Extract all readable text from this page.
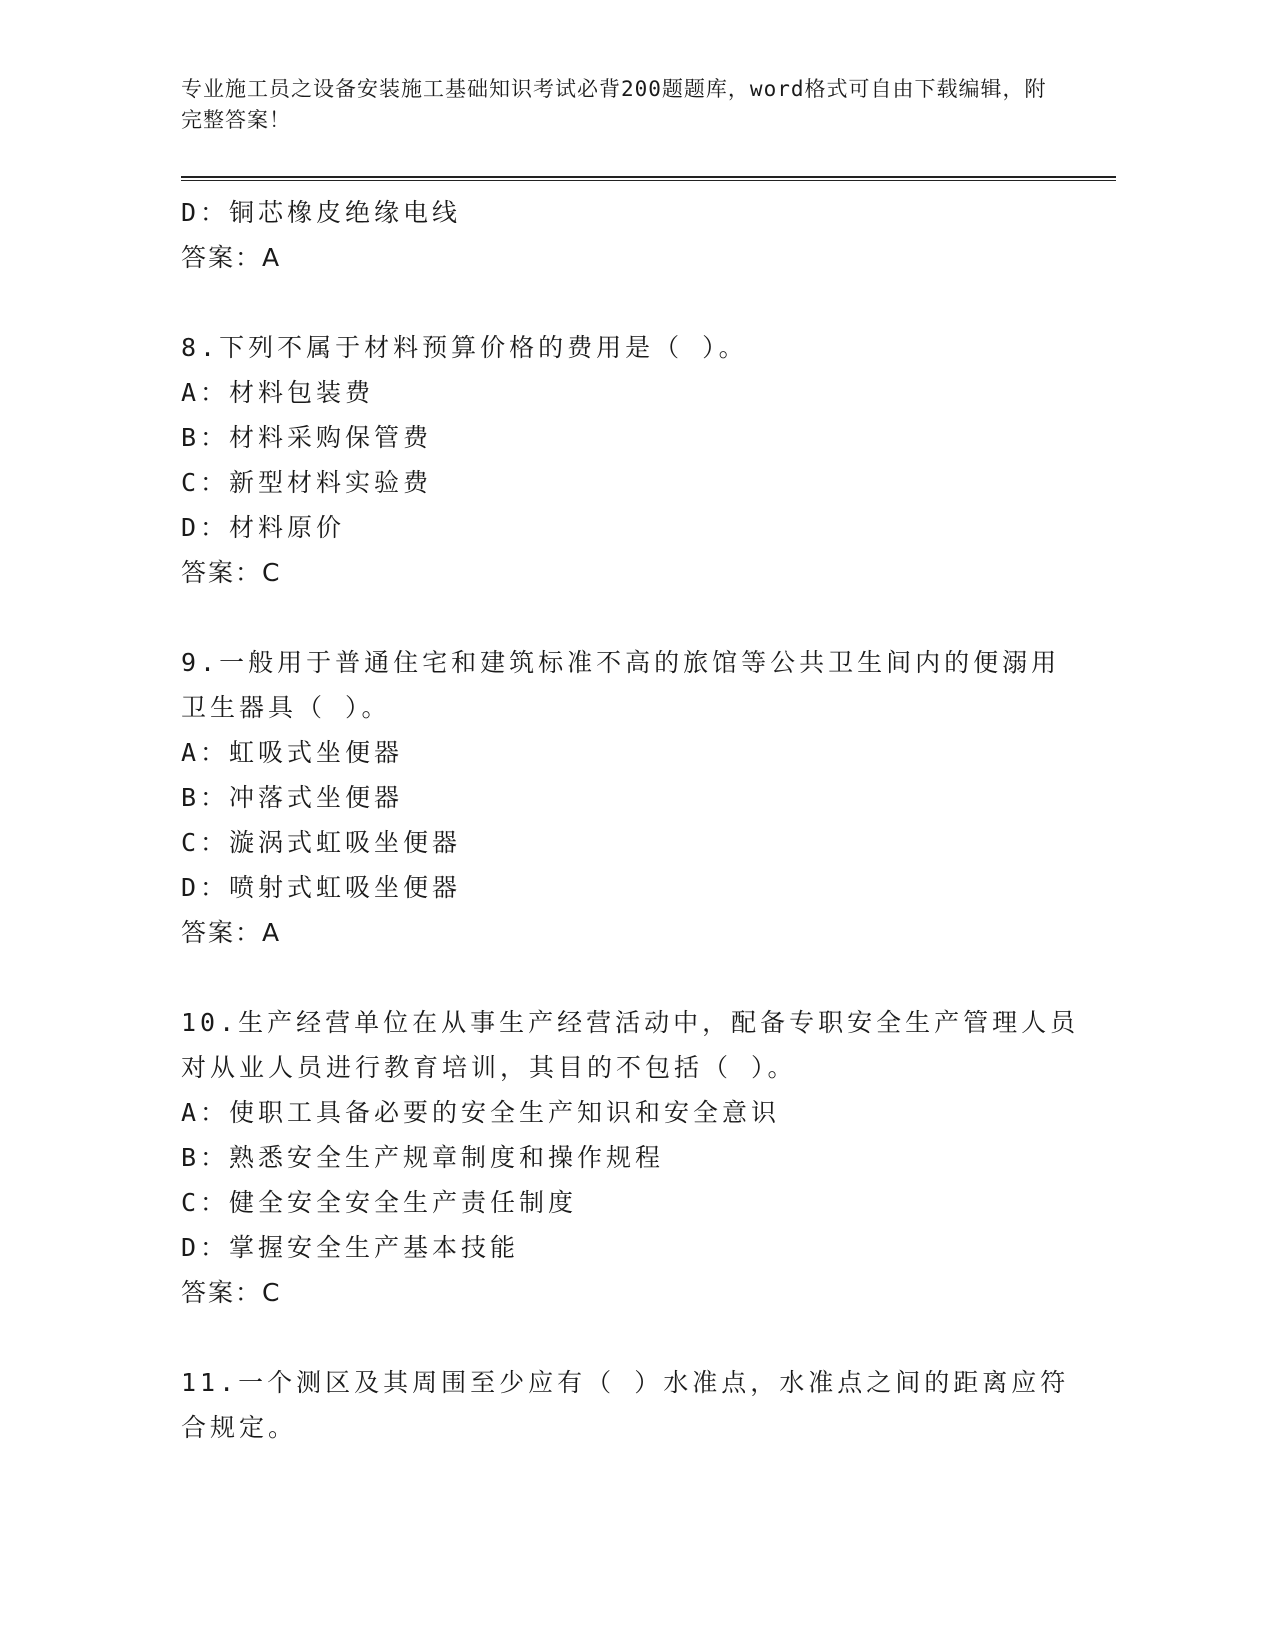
专业施工员之设备安装施工基础知识考试必背200题题库，word格式可自由下载编辑，附完整答案！
D：铜芯橡皮绝缘电线
答案：A
8.下列不属于材料预算价格的费用是（ ）。
A：材料包装费
B：材料采购保管费
C：新型材料实验费
D：材料原价
答案：C
9.一般用于普通住宅和建筑标准不高的旅馆等公共卫生间内的便溺用
卫生器具（ ）。
A：虹吸式坐便器
B：冲落式坐便器
C：漩涡式虹吸坐便器
D：喷射式虹吸坐便器
答案：A
10.生产经营单位在从事生产经营活动中，配备专职安全生产管理人员
对从业人员进行教育培训，其目的不包括（ ）。
A：使职工具备必要的安全生产知识和安全意识
B：熟悉安全生产规章制度和操作规程
C：健全安全安全生产责任制度
D：掌握安全生产基本技能
答案：C
11.一个测区及其周围至少应有（ ）水准点，水准点之间的距离应符
合规定。
